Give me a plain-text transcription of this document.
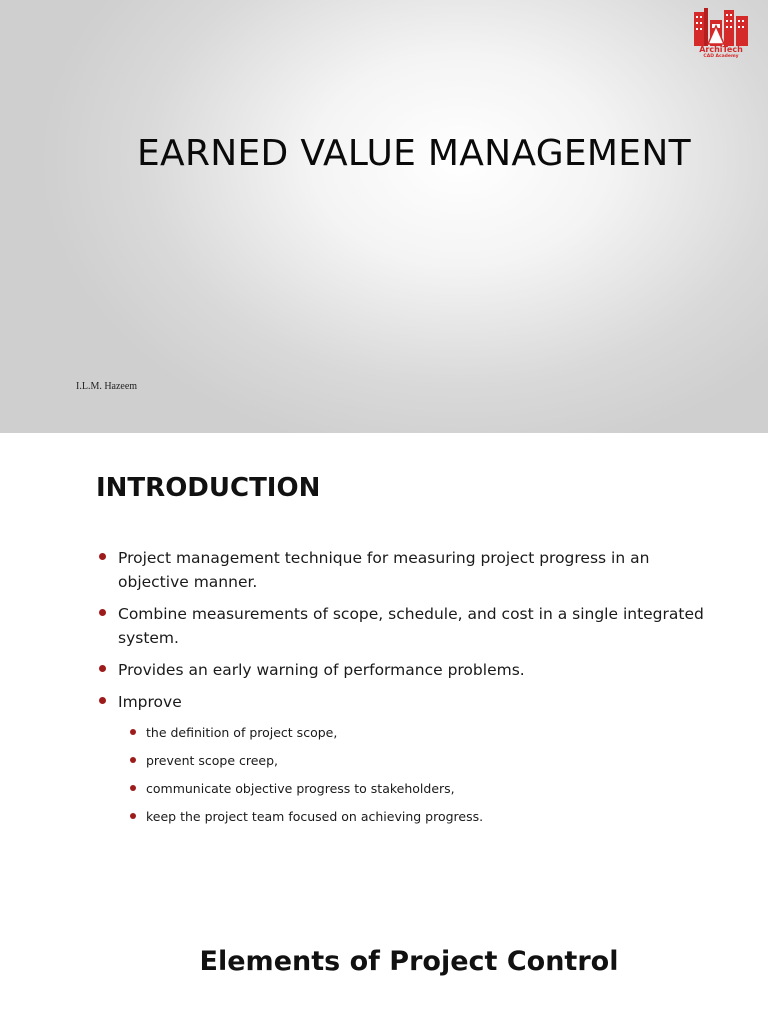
ArchiTech
CAD Academy
EARNED VALUE MANAGEMENT
I.L.M. Hazeem
INTRODUCTION
Project management technique for measuring project progress in an objective manner.
Combine measurements of scope, schedule, and cost in a single integrated system.
Provides an early warning of performance problems.
Improve
the definition of project scope,
prevent scope creep,
communicate objective progress to stakeholders,
keep the project team focused on achieving progress.
Elements of Project Control
